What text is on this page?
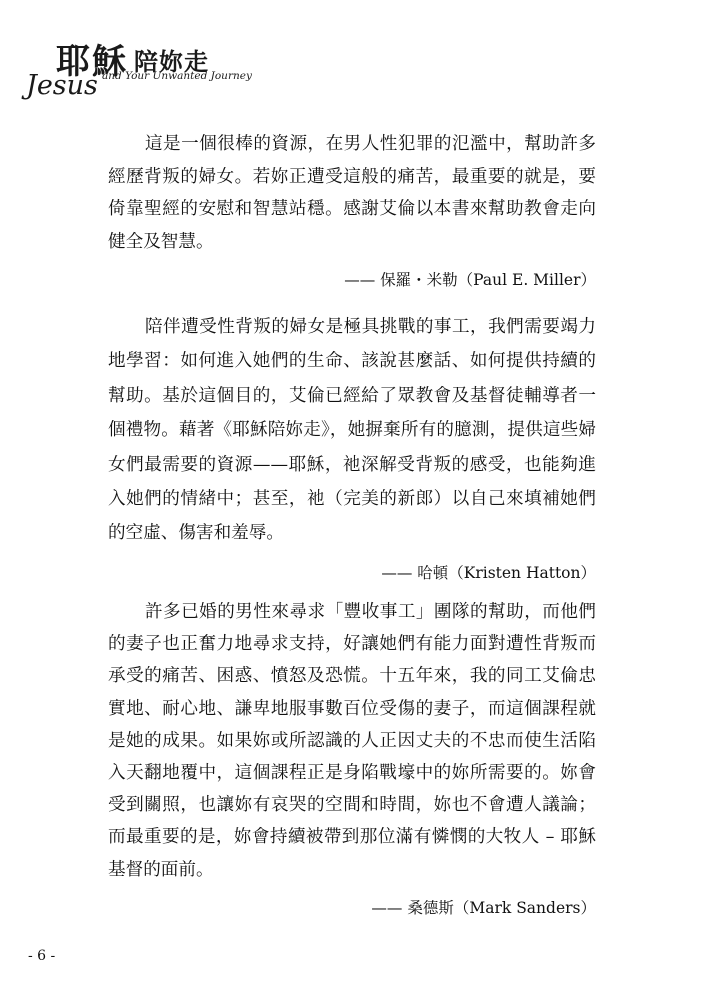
耶穌 陪妳走
Jesus and Your Unwanted Journey

這是一個很棒的資源，在男人性犯罪的氾濫中，幫助許多經歷背叛的婦女。若妳正遭受這般的痛苦，最重要的就是，要倚靠聖經的安慰和智慧站穩。感謝艾倫以本書來幫助教會走向健全及智慧。

—— 保羅・米勒（Paul E. Miller）

陪伴遭受性背叛的婦女是極具挑戰的事工，我們需要竭力地學習：如何進入她們的生命、該說甚麼話、如何提供持續的幫助。基於這個目的，艾倫已經給了眾教會及基督徒輔導者一個禮物。藉著《耶穌陪妳走》，她摒棄所有的臆測，提供這些婦女們最需要的資源——耶穌，祂深解受背叛的感受，也能夠進入她們的情緒中；甚至，祂（完美的新郎）以自己來填補她們的空虛、傷害和羞辱。

—— 哈頓（Kristen Hatton）

許多已婚的男性來尋求「豐收事工」團隊的幫助，而他們的妻子也正奮力地尋求支持，好讓她們有能力面對遭性背叛而承受的痛苦、困惑、憤怒及恐慌。十五年來，我的同工艾倫忠實地、耐心地、謙卑地服事數百位受傷的妻子，而這個課程就是她的成果。如果妳或所認識的人正因丈夫的不忠而使生活陷入天翻地覆中，這個課程正是身陷戰壕中的妳所需要的。妳會受到關照，也讓妳有哀哭的空間和時間，妳也不會遭人議論；而最重要的是，妳會持續被帶到那位滿有憐憫的大牧人 – 耶穌基督的面前。

—— 桑德斯（Mark Sanders）

- 6 -
